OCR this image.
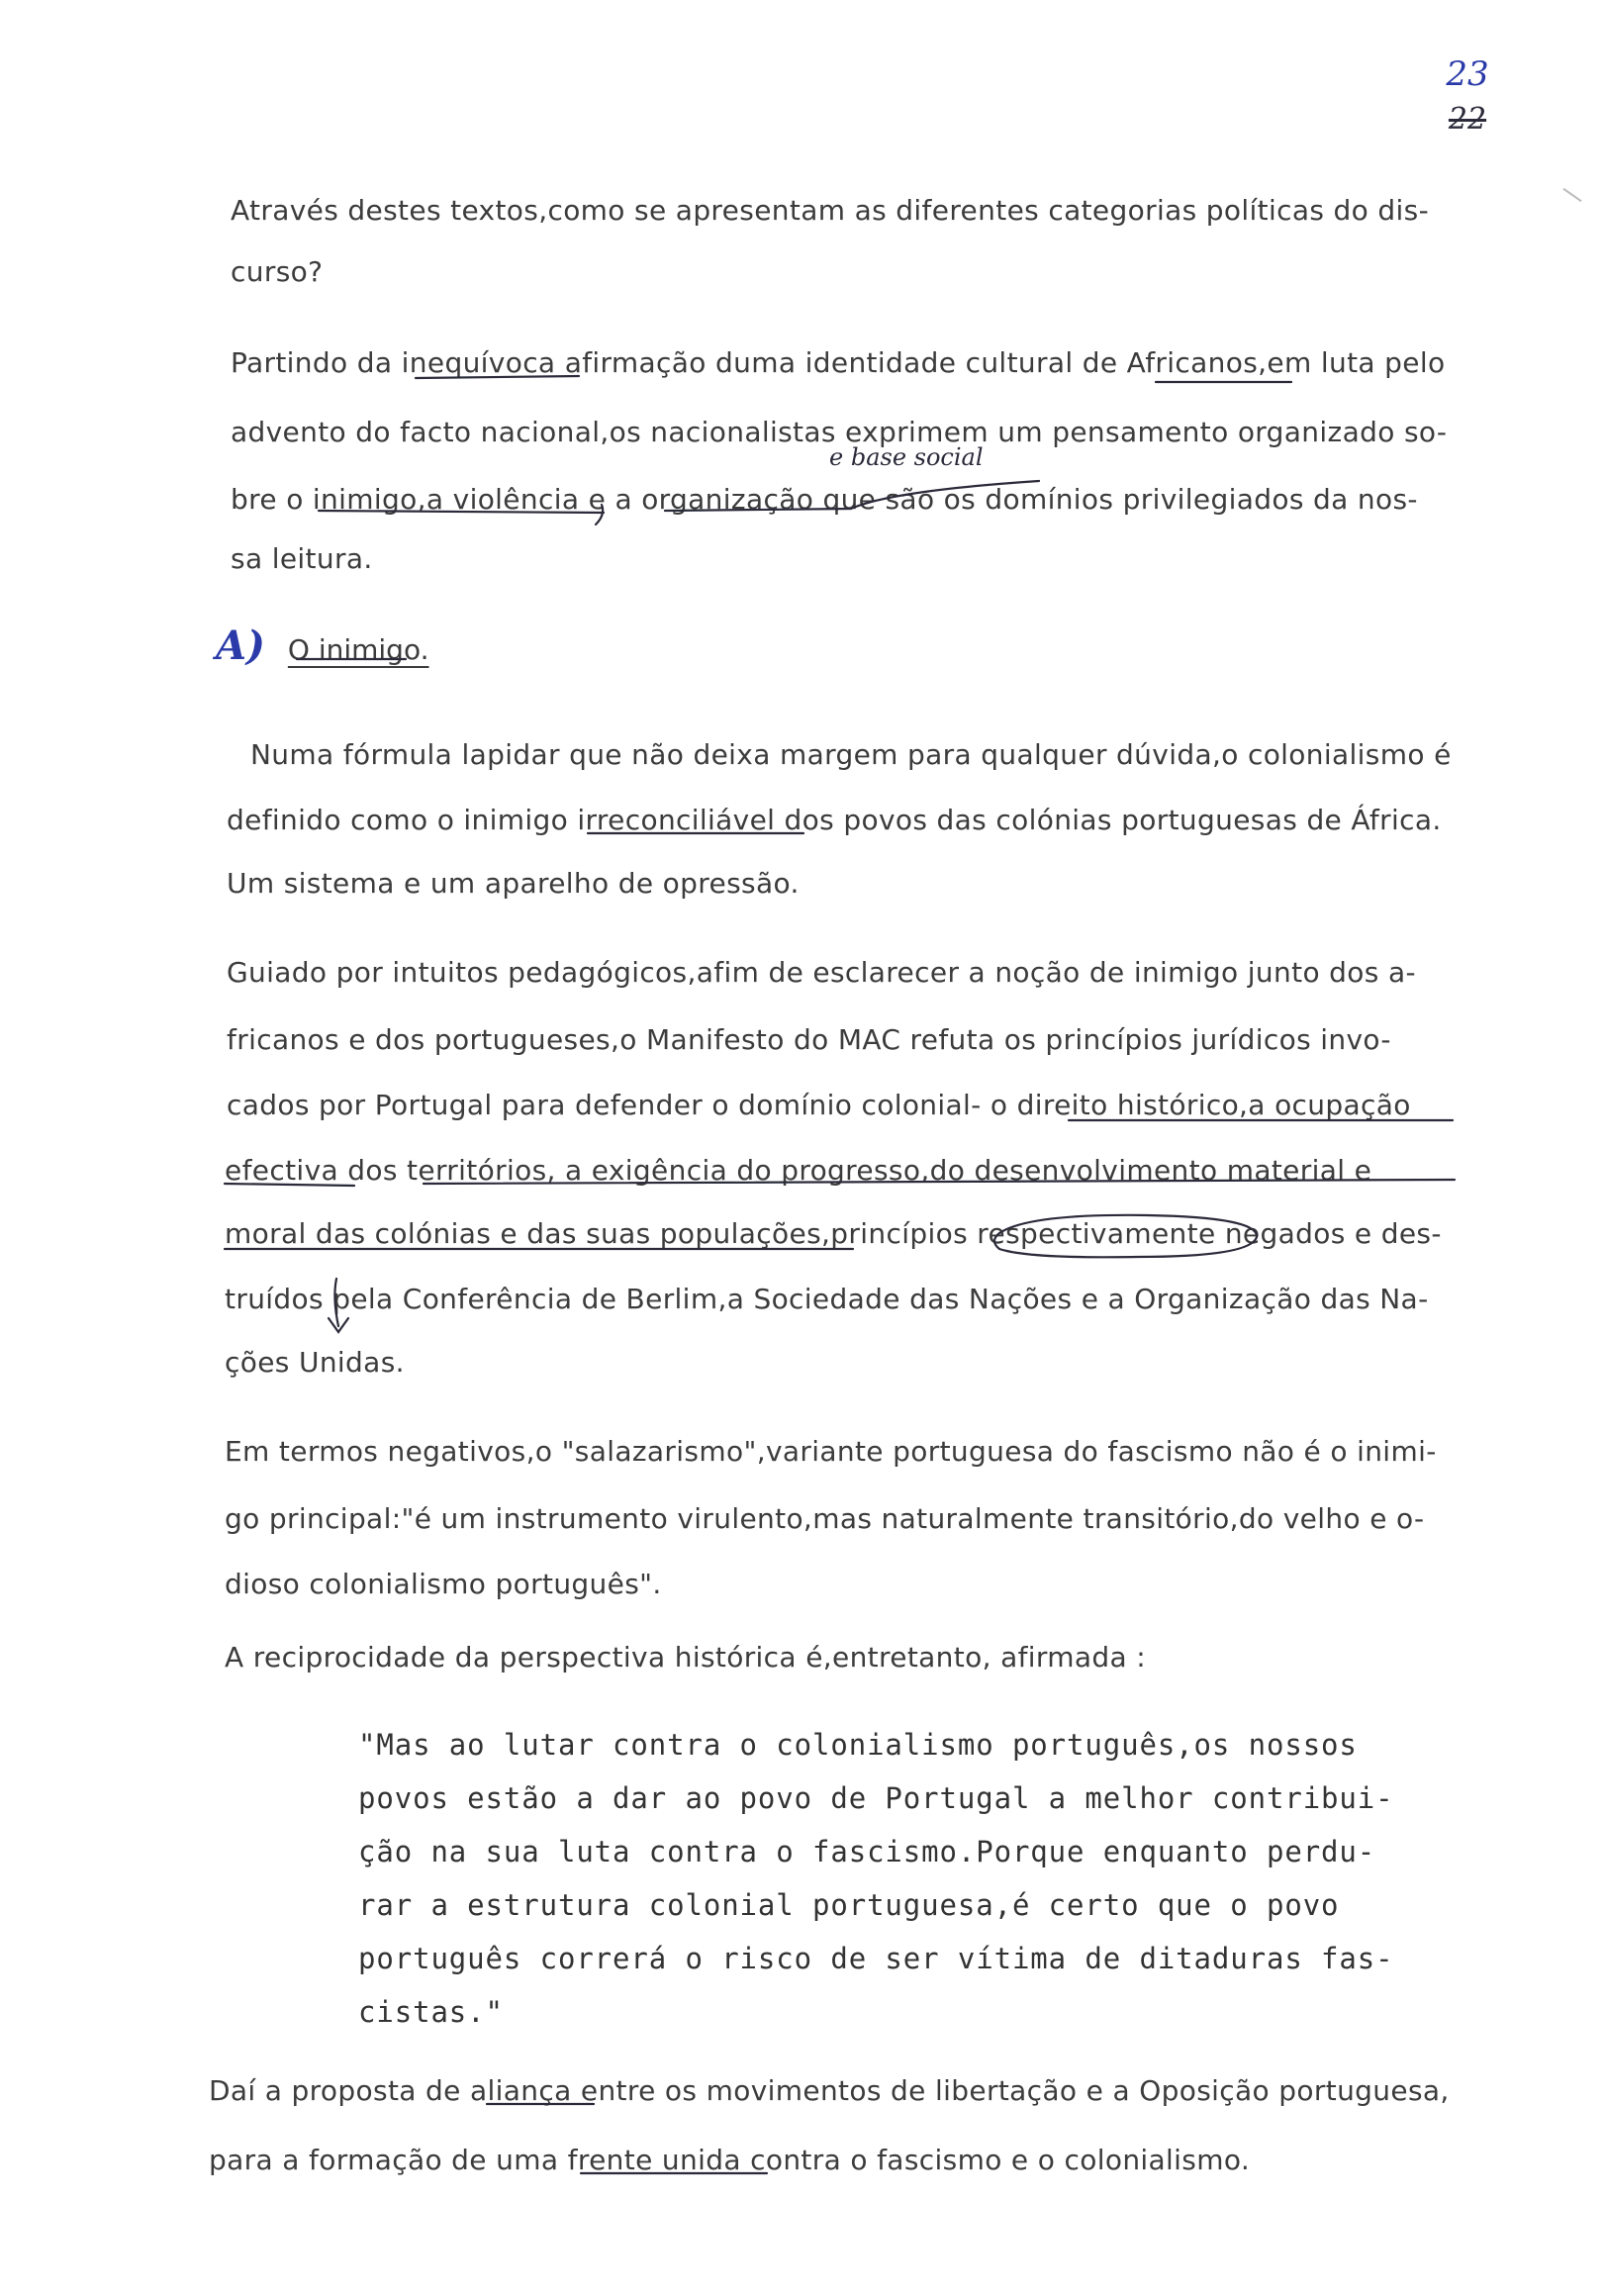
23
22
Através destes textos,como se apresentam as diferentes categorias políticas do dis-
curso?
Partindo da inequívoca afirmação duma identidade cultural de Africanos,em luta pelo
advento do facto nacional,os nacionalistas exprimem um pensamento organizado so-
bre o inimigo,a violência e a organização que são os domínios privilegiados da nos-
sa leitura.
e base social
A) O inimigo.
Numa fórmula lapidar que não deixa margem para qualquer dúvida,o colonialismo é
definido como o inimigo irreconciliável dos povos das colónias portuguesas de África.
Um sistema e um aparelho de opressão.
Guiado por intuitos pedagógicos,afim de esclarecer a noção de inimigo junto dos a-
fricanos e dos portugueses,o Manifesto do MAC refuta os princípios jurídicos invo-
cados por Portugal para defender o domínio colonial- o direito histórico,a ocupação
efectiva dos territórios, a exigência do progresso,do desenvolvimento material e
moral das colónias e das suas populações,princípios respectivamente negados e des-
truídos pela Conferência de Berlim,a Sociedade das Nações e a Organização das Na-
ções Unidas.
Em termos negativos,o "salazarismo",variante portuguesa do fascismo não é o inimi-
go principal:"é um instrumento virulento,mas naturalmente transitório,do velho e o-
dioso colonialismo português".
A reciprocidade da perspectiva histórica é,entretanto, afirmada :
"Mas ao lutar contra o colonialismo português,os nossos
povos estão a dar ao povo de Portugal a melhor contribui-
ção na sua luta contra o fascismo.Porque enquanto perdu-
rar a estrutura colonial portuguesa,é certo que o povo
português correrá o risco de ser vítima de ditaduras fas-
cistas."
Daí a proposta de aliança entre os movimentos de libertação e a Oposição portuguesa,
para a formação de uma frente unida contra o fascismo e o colonialismo.
